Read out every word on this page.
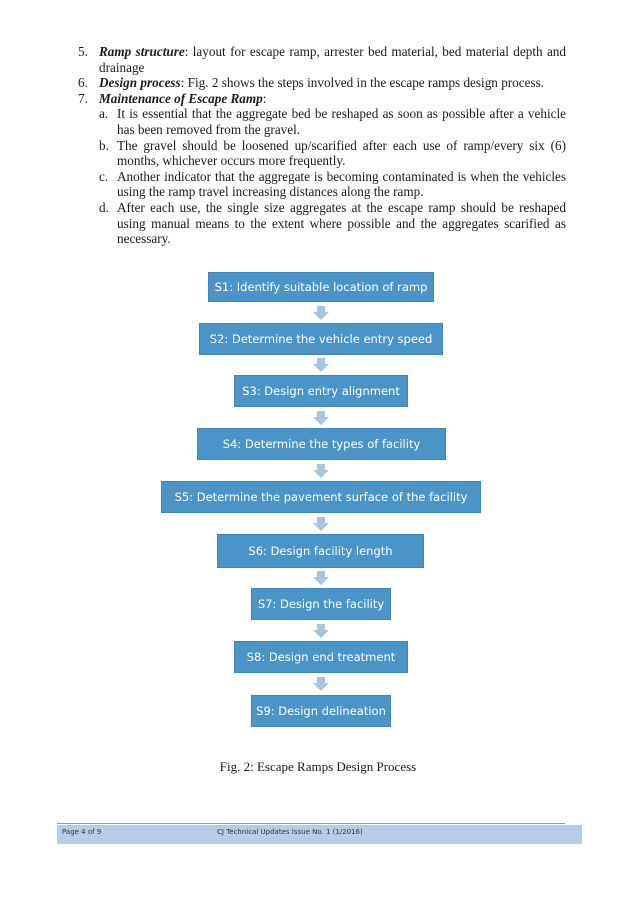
5. Ramp structure: layout for escape ramp, arrester bed material, bed material depth and drainage
6. Design process: Fig. 2 shows the steps involved in the escape ramps design process.
7. Maintenance of Escape Ramp:
a. It is essential that the aggregate bed be reshaped as soon as possible after a vehicle has been removed from the gravel.
b. The gravel should be loosened up/scarified after each use of ramp/every six (6) months, whichever occurs more frequently.
c. Another indicator that the aggregate is becoming contaminated is when the vehicles using the ramp travel increasing distances along the ramp.
d. After each use, the single size aggregates at the escape ramp should be reshaped using manual means to the extent where possible and the aggregates scarified as necessary.
S1: Identify suitable location of ramp
S2: Determine the vehicle entry speed
S3: Design entry alignment
S4: Determine the types of facility
S5: Determine the pavement surface of the facility
S6: Design facility length
S7: Design the facility
S8: Design end treatment
S9: Design delineation
Fig. 2: Escape Ramps Design Process
Page 4 of 9	CJ Technical Updates Issue No. 1 (1/2016)
